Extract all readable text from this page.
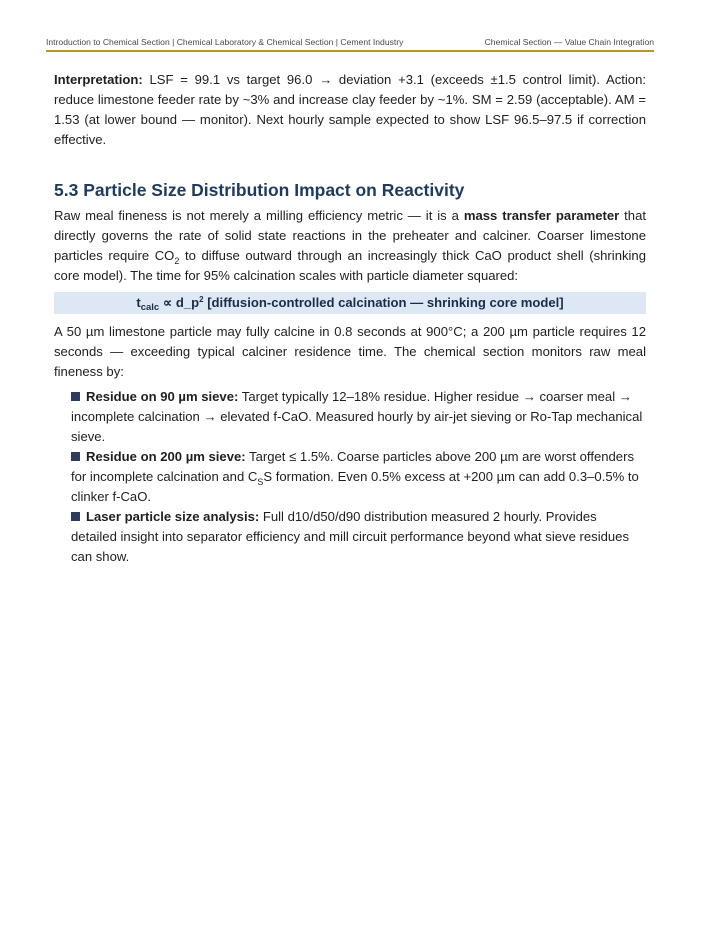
Introduction to Chemical Section | Chemical Laboratory & Chemical Section | Cement Industry	Chemical Section — Value Chain Integration

Interpretation: LSF = 99.1 vs target 96.0 → deviation +3.1 (exceeds ±1.5 control limit). Action: reduce limestone feeder rate by ~3% and increase clay feeder by ~1%. SM = 2.59 (acceptable). AM = 1.53 (at lower bound — monitor). Next hourly sample expected to show LSF 96.5–97.5 if correction effective.

5.3 Particle Size Distribution Impact on Reactivity

Raw meal fineness is not merely a milling efficiency metric — it is a mass transfer parameter that directly governs the rate of solid state reactions in the preheater and calciner. Coarser limestone particles require $CO_2$ to diffuse outward through an increasingly thick CaO product shell (shrinking core model). The time for 95% calcination scales with particle diameter squared:

$t_{calc}$ ∝ $d\_p^2$ [diffusion-controlled calcination — shrinking core model]

A 50 µm limestone particle may fully calcine in 0.8 seconds at 900°C; a 200 µm particle requires 12 seconds — exceeding typical calciner residence time. The chemical section monitors raw meal fineness by:

Residue on 90 µm sieve: Target typically 12–18% residue. Higher residue → coarser meal → incomplete calcination → elevated f-CaO. Measured hourly by air-jet sieving or Ro-Tap mechanical sieve.
Residue on 200 µm sieve: Target ≤ 1.5%. Coarse particles above 200 µm are worst offenders for incomplete calcination and $C_SS$ formation. Even 0.5% excess at +200 µm can add 0.3–0.5% to clinker f-CaO.
Laser particle size analysis: Full d10/d50/d90 distribution measured 2 hourly. Provides detailed insight into separator efficiency and mill circuit performance beyond what sieve residues can show.
